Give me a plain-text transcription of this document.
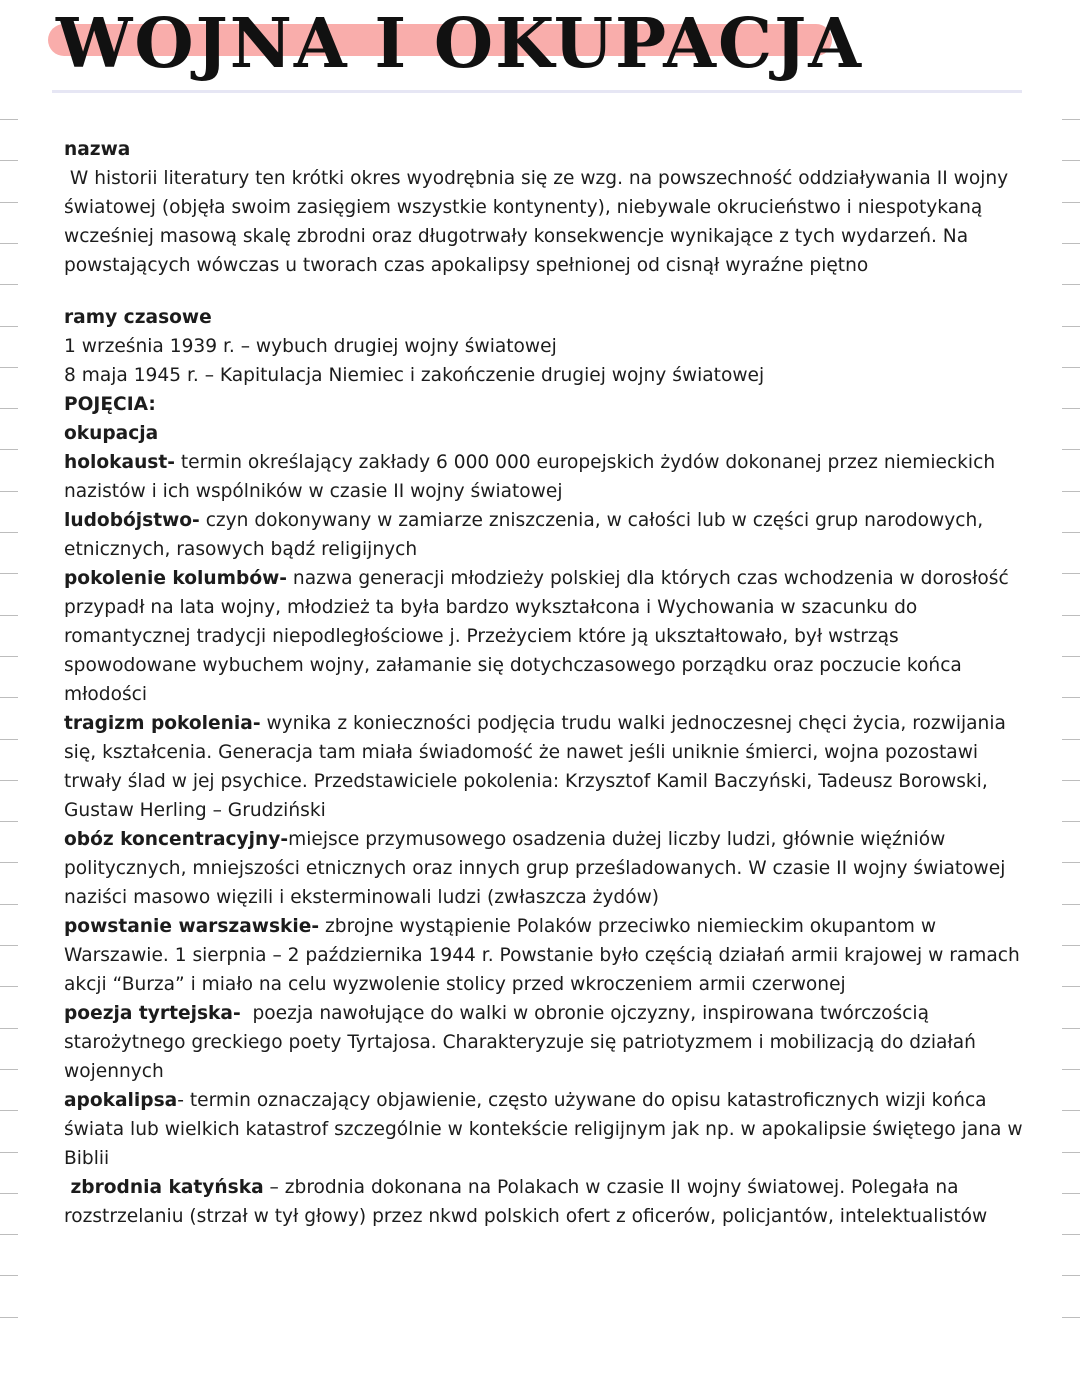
WOJNA I OKUPACJA
nazwa

W historii literatury ten krótki okres wyodrębnia się ze wzg. na powszechność oddziaływania II wojny światowej (objęła swoim zasięgiem wszystkie kontynenty), niebywale okrucieństwo i niespotykaną wcześniej masową skalę zbrodni oraz długotrwały konsekwencje wynikające z tych wydarzeń. Na powstających wówczas u tworach czas apokalipsy spełnionej od cisnął wyraźne piętno

ramy czasowe

1 września 1939 r. – wybuch drugiej wojny światowej

8 maja 1945 r. – Kapitulacja Niemiec i zakończenie drugiej wojny światowej

POJĘCIA:

okupacja

holokaust- termin określający zakłady 6 000 000 europejskich żydów dokonanej przez niemieckich nazistów i ich wspólników w czasie II wojny światowej

ludobójstwo- czyn dokonywany w zamiarze zniszczenia, w całości lub w części grup narodowych, etnicznych, rasowych bądź religijnych

pokolenie kolumbów- nazwa generacji młodzieży polskiej dla których czas wchodzenia w dorosłość przypadł na lata wojny, młodzież ta była bardzo wykształcona i Wychowania w szacunku do romantycznej tradycji niepodległościowe j. Przeżyciem które ją ukształtowało, był wstrząs spowodowane wybuchem wojny, załamanie się dotychczasowego porządku oraz poczucie końca młodości

tragizm pokolenia- wynika z konieczności podjęcia trudu walki jednoczesnej chęci życia, rozwijania się, kształcenia. Generacja tam miała świadomość że nawet jeśli uniknie śmierci, wojna pozostawi trwały ślad w jej psychice. Przedstawiciele pokolenia: Krzysztof Kamil Baczyński, Tadeusz Borowski, Gustaw Herling – Grudziński

obóz koncentracyjny-miejsce przymusowego osadzenia dużej liczby ludzi, głównie więźniów politycznych, mniejszości etnicznych oraz innych grup prześladowanych. W czasie II wojny światowej naziści masowo więzili i eksterminowali ludzi (zwłaszcza żydów)

powstanie warszawskie- zbrojne wystąpienie Polaków przeciwko niemieckim okupantom w Warszawie. 1 sierpnia – 2 października 1944 r. Powstanie było częścią działań armii krajowej w ramach akcji “Burza” i miało na celu wyzwolenie stolicy przed wkroczeniem armii czerwonej

poezja tyrtejska-  poezja nawołujące do walki w obronie ojczyzny, inspirowana twórczością starożytnego greckiego poety Tyrtajosa. Charakteryzuje się patriotyzmem i mobilizacją do działań wojennych

apokalipsa- termin oznaczający objawienie, często używane do opisu katastroficznych wizji końca świata lub wielkich katastrof szczególnie w kontekście religijnym jak np. w apokalipsie świętego jana w Biblii

zbrodnia katyńska – zbrodnia dokonana na Polakach w czasie II wojny światowej. Polegała na rozstrzelaniu (strzał w tył głowy) przez nkwd polskich ofert z oficerów, policjantów, intelektualistów
